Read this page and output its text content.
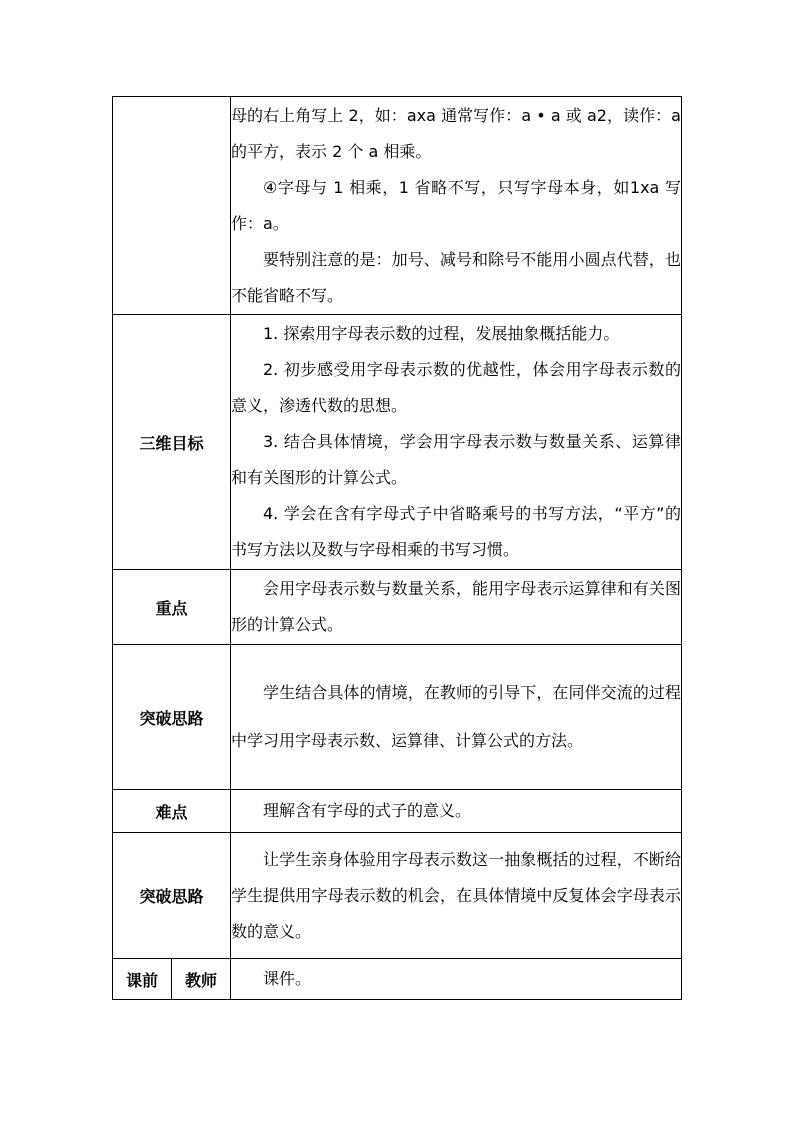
		母的右上角写上 2，如：axa 通常写作：a • a 或 a2，读作：a 的平方，表示 2 个 a 相乘。

④字母与 1 相乘，1 省略不写，只写字母本身，如1xa 写作：a。

要特别注意的是：加号、减号和除号不能用小圆点代替，也不能省略不写。

三维目标		1. 探索用字母表示数的过程，发展抽象概括能力。

2. 初步感受用字母表示数的优越性，体会用字母表示数的意义，渗透代数的思想。

3. 结合具体情境，学会用字母表示数与数量关系、运算律和有关图形的计算公式。

4. 学会在含有字母式子中省略乘号的书写方法，“平方”的书写方法以及数与字母相乘的书写习惯。

重点		会用字母表示数与数量关系，能用字母表示运算律和有关图形的计算公式。

突破思路		学生结合具体的情境，在教师的引导下，在同伴交流的过程中学习用字母表示数、运算律、计算公式的方法。

难点		理解含有字母的式子的意义。

突破思路		让学生亲身体验用字母表示数这一抽象概括的过程，不断给学生提供用字母表示数的机会，在具体情境中反复体会字母表示数的意义。

课前	教师	课件。
